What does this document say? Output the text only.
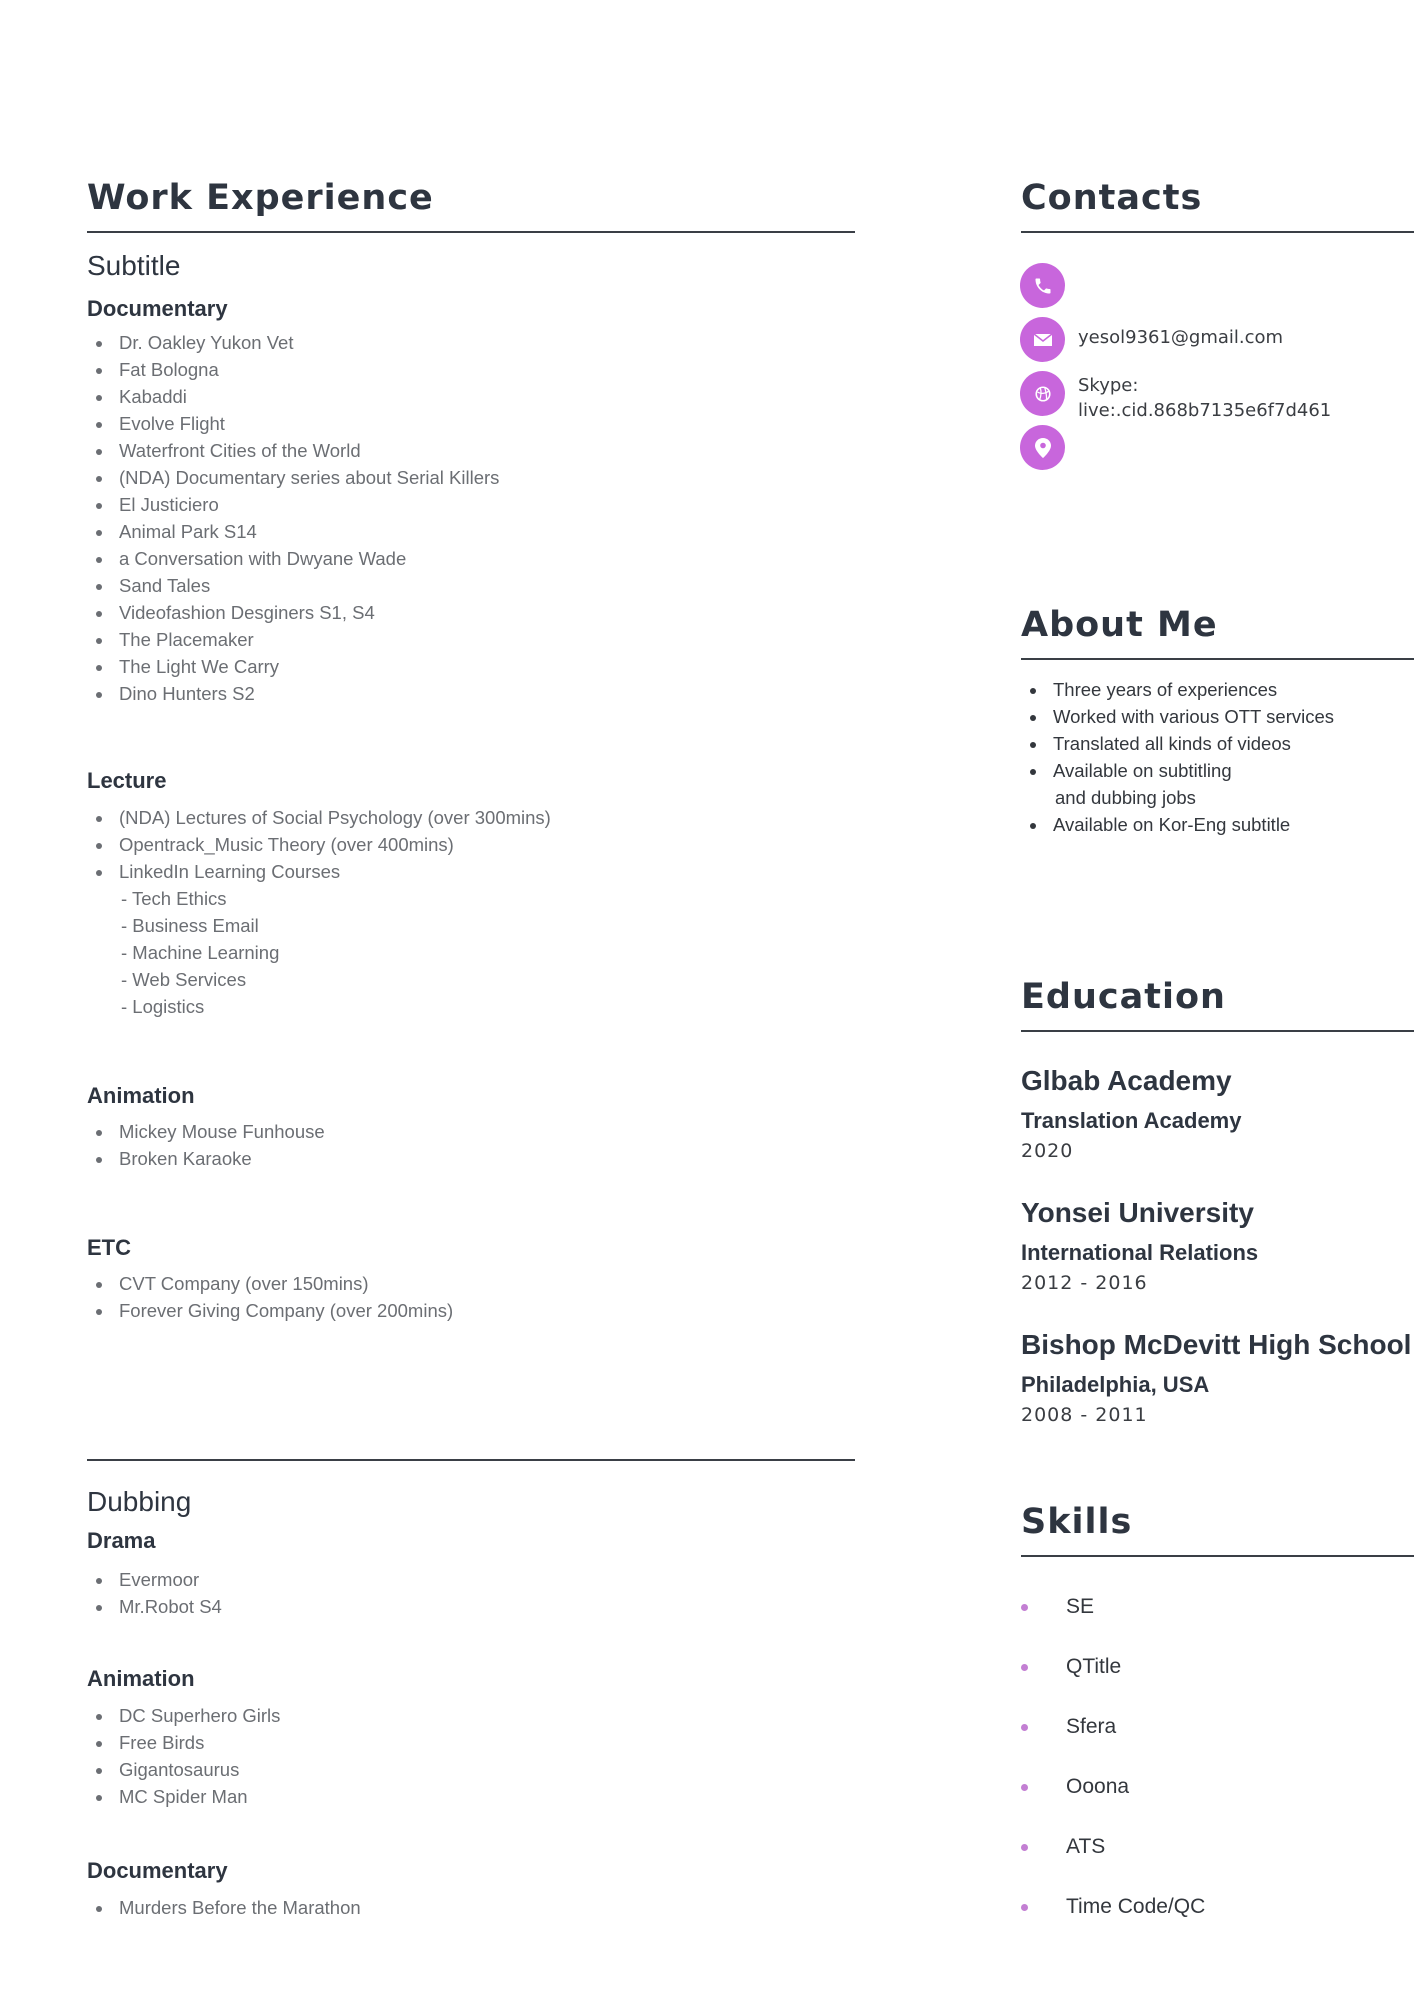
Work Experience
Subtitle
Documentary
Dr. Oakley Yukon Vet
Fat Bologna
Kabaddi
Evolve Flight
Waterfront Cities of the World
(NDA) Documentary series about Serial Killers
El Justiciero
Animal Park S14
a Conversation with Dwyane Wade
Sand Tales
Videofashion Desginers S1, S4
The Placemaker
The Light We Carry
Dino Hunters S2
Lecture
(NDA) Lectures of Social Psychology (over 300mins)
Opentrack_Music Theory (over 400mins)
LinkedIn Learning Courses
- Tech Ethics
- Business Email
- Machine Learning
- Web Services
- Logistics
Animation
Mickey Mouse Funhouse
Broken Karaoke
ETC
CVT Company (over 150mins)
Forever Giving Company (over 200mins)
Dubbing
Drama
Evermoor
Mr.Robot S4
Animation
DC Superhero Girls
Free Birds
Gigantosaurus
MC Spider Man
Documentary
Murders Before the Marathon
Contacts
yesol9361@gmail.com
Skype:
live:.cid.868b7135e6f7d461
About Me
Three years of experiences
Worked with various OTT services
Translated all kinds of videos
Available on subtitling
and dubbing jobs
Available on Kor-Eng subtitle
Education
Glbab Academy
Translation Academy
2020
Yonsei University
International Relations
2012 - 2016
Bishop McDevitt High School
Philadelphia, USA
2008 - 2011
Skills
SE
QTitle
Sfera
Ooona
ATS
Time Code/QC
